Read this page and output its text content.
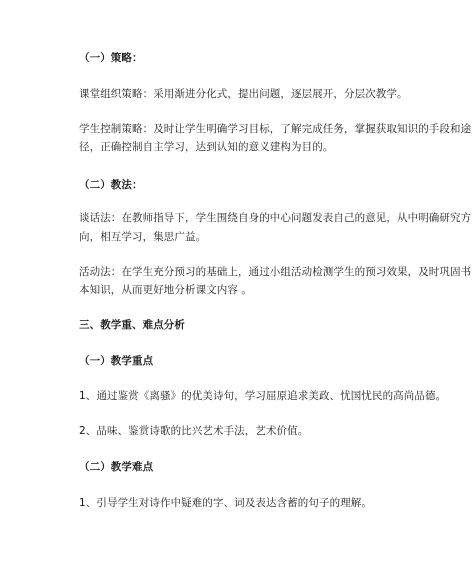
（一）策略：
课堂组织策略：采用渐进分化式，提出问题，逐层展开，分层次教学。
学生控制策略：及时让学生明确学习目标，了解完成任务，掌握获取知识的手段和途
径，正确控制自主学习，达到认知的意义建构为目的。
（二）教法：
谈话法：在教师指导下，学生围绕自身的中心问题发表自己的意见，从中明确研究方
向，相互学习，集思广益。
活动法：在学生充分预习的基础上，通过小组活动检测学生的预习效果，及时巩固书
本知识，从而更好地分析课文内容 。
三、教学重、难点分析
（一）教学重点
1、通过鉴赏《离骚》的优美诗句，学习屈原追求美政、忧国忧民的高尚品德。
2、品味、鉴赏诗歌的比兴艺术手法，艺术价值。
（二）教学难点
1、引导学生对诗作中疑难的字、词及表达含蓄的句子的理解。
